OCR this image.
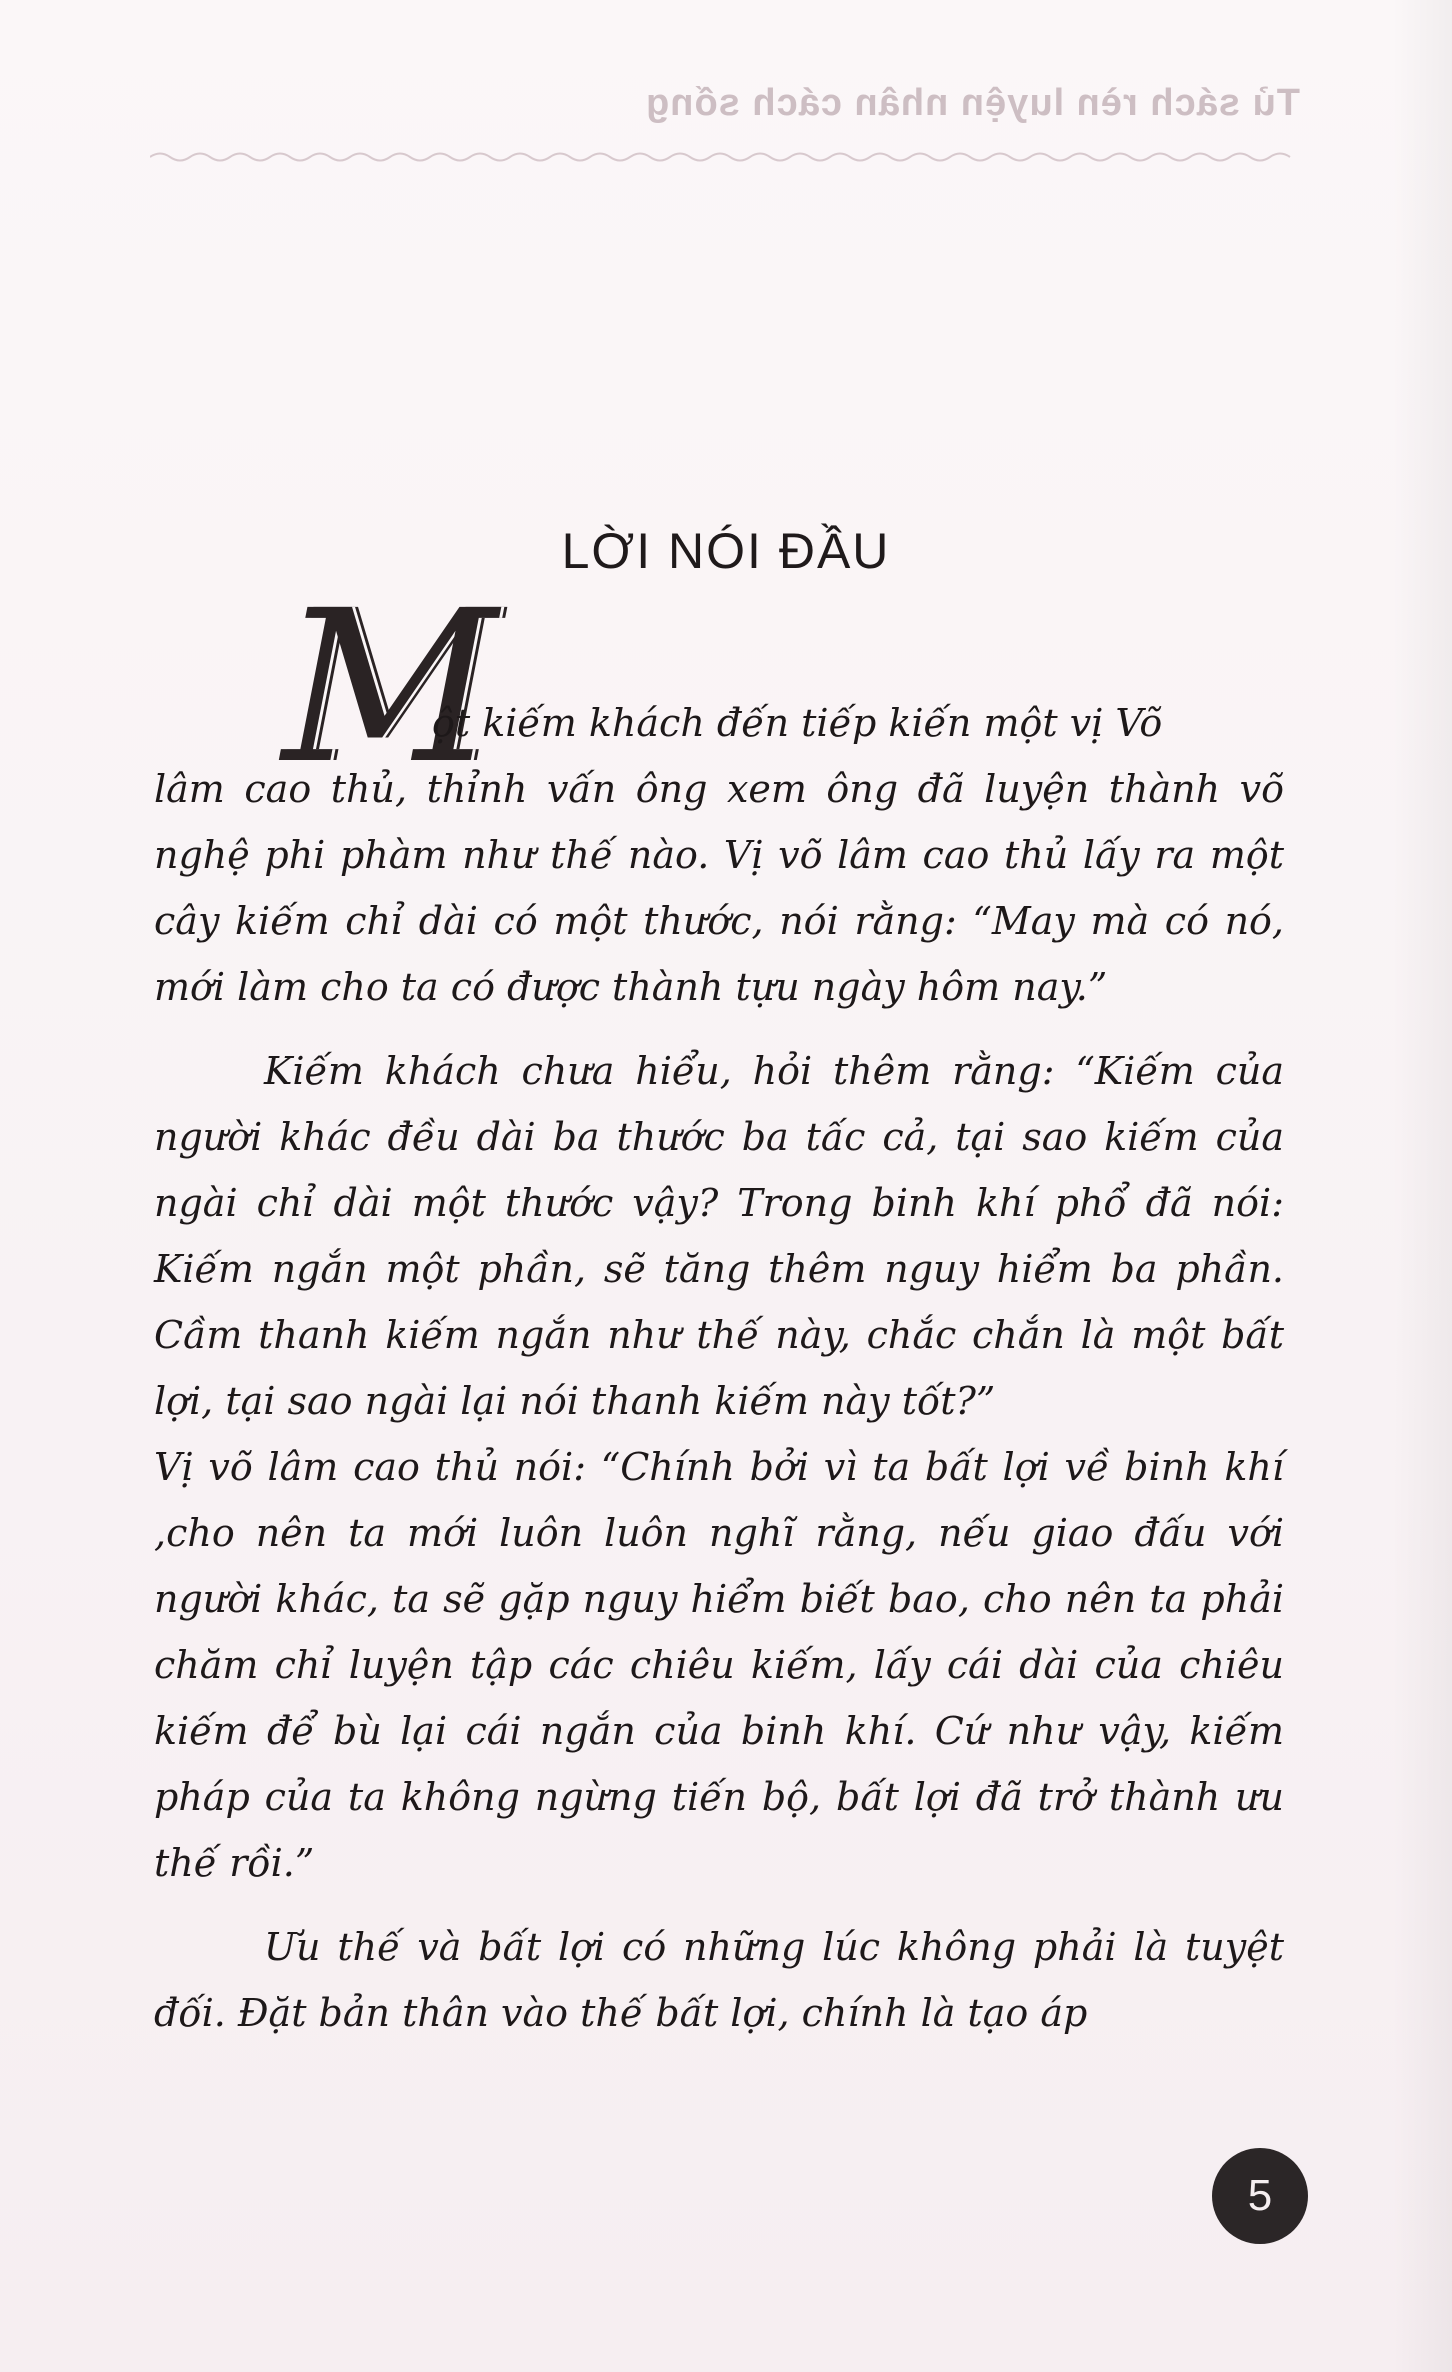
Tủ sách rèn luyện nhân cách sống
LỜI NÓI ĐẦU
M

ột kiếm khách đến tiếp kiến một vị Võ
lâm cao thủ, thỉnh vấn ông xem ông đã luyện thành võ nghệ phi phàm như thế nào. Vị võ lâm cao thủ lấy ra một cây kiếm chỉ dài có một thước, nói rằng: “May mà có nó, mới làm cho ta có được thành tựu ngày hôm nay.”

Kiếm khách chưa hiểu, hỏi thêm rằng: “Kiếm của người khác đều dài ba thước ba tấc cả, tại sao kiếm của ngài chỉ dài một thước vậy? Trong binh khí phổ đã nói: Kiếm ngắn một phần, sẽ tăng thêm nguy hiểm ba phần. Cầm thanh kiếm ngắn như thế này, chắc chắn là một bất lợi, tại sao ngài lại nói thanh kiếm này tốt?”

Vị võ lâm cao thủ nói: “Chính bởi vì ta bất lợi về binh khí ,cho nên ta mới luôn luôn nghĩ rằng, nếu giao đấu với người khác, ta sẽ gặp nguy hiểm biết bao, cho nên ta phải chăm chỉ luyện tập các chiêu kiếm, lấy cái dài của chiêu kiếm để bù lại cái ngắn của binh khí. Cứ như vậy, kiếm pháp của ta không ngừng tiến bộ, bất lợi đã trở thành ưu thế rồi.”

Ưu thế và bất lợi có những lúc không phải là tuyệt đối. Đặt bản thân vào thế bất lợi, chính là tạo áp

5
